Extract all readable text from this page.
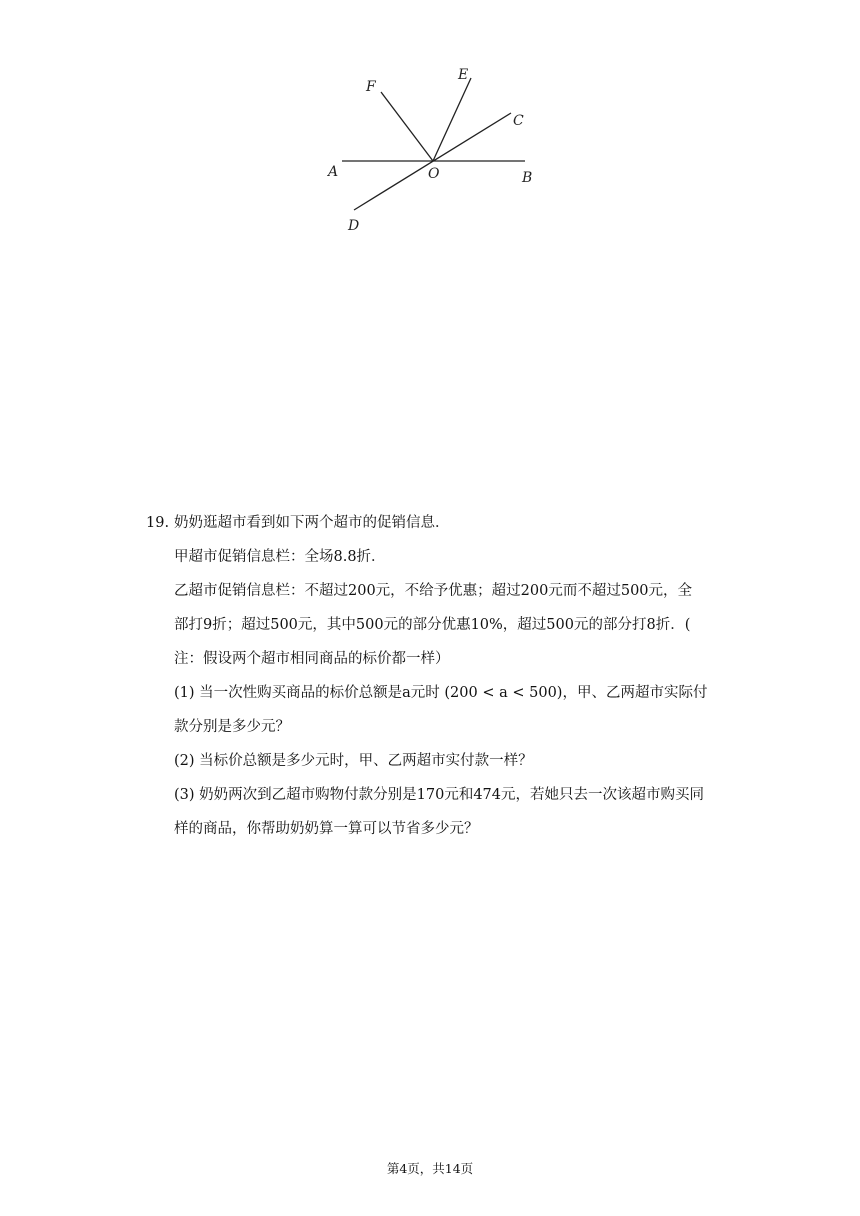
A	O	B
C
E
F
D
19. 奶奶逛超市看到如下两个超市的促销信息．
甲超市促销信息栏：全场8.8折．
乙超市促销信息栏：不超过200元，不给予优惠；超过200元而不超过500元，全
部打9折；超过500元，其中500元的部分优惠10%，超过500元的部分打8折．(
注：假设两个超市相同商品的标价都一样）
(1) 当一次性购买商品的标价总额是a元时 (200 < a < 500)，甲、乙两超市实际付
款分别是多少元？
(2) 当标价总额是多少元时，甲、乙两超市实付款一样？
(3) 奶奶两次到乙超市购物付款分别是170元和474元，若她只去一次该超市购买同
样的商品，你帮助奶奶算一算可以节省多少元？
第4页，共14页
